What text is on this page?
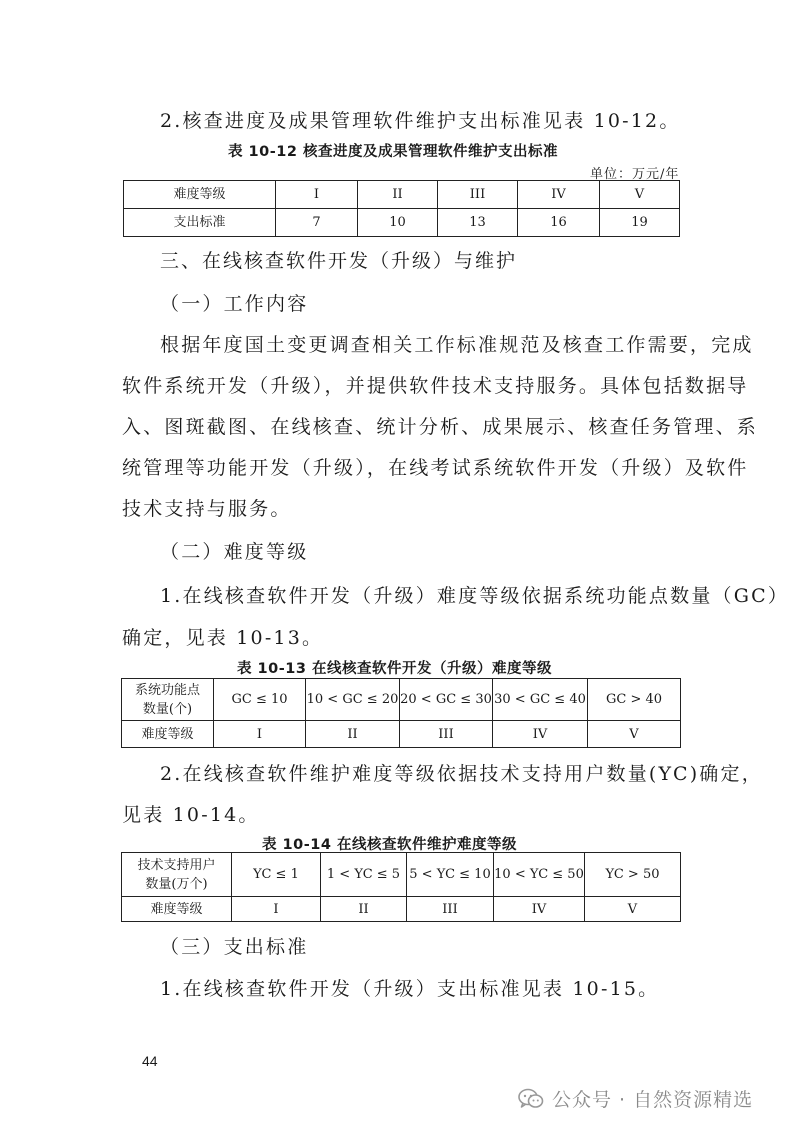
2.核查进度及成果管理软件维护支出标准见表 10-12。
表 10-12 核查进度及成果管理软件维护支出标准
单位：万元/年
难度等级	I	II	III	IV	V
支出标准	7	10	13	16	19
三、在线核查软件开发（升级）与维护
（一）工作内容
根据年度国土变更调查相关工作标准规范及核查工作需要，完成
软件系统开发（升级），并提供软件技术支持服务。具体包括数据导
入、图斑截图、在线核查、统计分析、成果展示、核查任务管理、系
统管理等功能开发（升级），在线考试系统软件开发（升级）及软件
技术支持与服务。
（二）难度等级
1.在线核查软件开发（升级）难度等级依据系统功能点数量（GC）
确定，见表 10-13。
表 10-13 在线核查软件开发（升级）难度等级
系统功能点
数量(个)	GC ≤ 10	10 < GC ≤ 20	20 < GC ≤ 30	30 < GC ≤ 40	GC > 40
难度等级	I	II	III	IV	V
2.在线核查软件维护难度等级依据技术支持用户数量(YC)确定，
见表 10-14。
表 10-14 在线核查软件维护难度等级
技术支持用户
数量(万个)	YC ≤ 1	1 < YC ≤ 5	5 < YC ≤ 10	10 < YC ≤ 50	YC > 50
难度等级	I	II	III	IV	V
（三）支出标准
1.在线核查软件开发（升级）支出标准见表 10-15。
44
公众号 · 自然资源精选
